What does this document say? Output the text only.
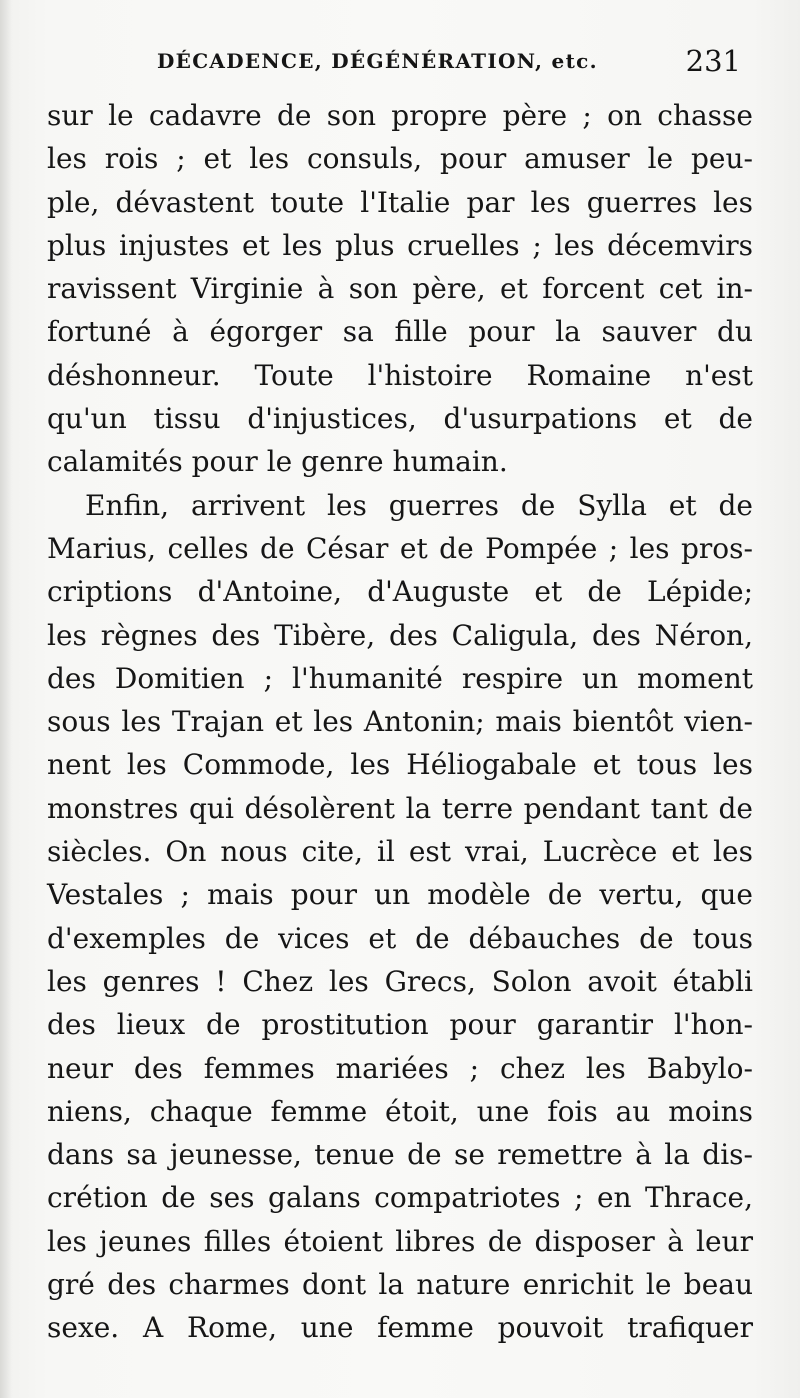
DÉCADENCE, DÉGÉNÉRATION, etc.	231
sur le cadavre de son propre père ; on chasse
les rois ; et les consuls, pour amuser le peu-
ple, dévastent toute l'Italie par les guerres les
plus injustes et les plus cruelles ; les décemvirs
ravissent Virginie à son père, et forcent cet in-
fortuné à égorger sa fille pour la sauver du
déshonneur. Toute l'histoire Romaine n'est
qu'un tissu d'injustices, d'usurpations et de
calamités pour le genre humain.
Enfin, arrivent les guerres de Sylla et de
Marius, celles de César et de Pompée ; les pros-
criptions d'Antoine, d'Auguste et de Lépide;
les règnes des Tibère, des Caligula, des Néron,
des Domitien ; l'humanité respire un moment
sous les Trajan et les Antonin; mais bientôt vien-
nent les Commode, les Héliogabale et tous les
monstres qui désolèrent la terre pendant tant de
siècles. On nous cite, il est vrai, Lucrèce et les
Vestales ; mais pour un modèle de vertu, que
d'exemples de vices et de débauches de tous
les genres ! Chez les Grecs, Solon avoit établi
des lieux de prostitution pour garantir l'hon-
neur des femmes mariées ; chez les Babylo-
niens, chaque femme étoit, une fois au moins
dans sa jeunesse, tenue de se remettre à la dis-
crétion de ses galans compatriotes ; en Thrace,
les jeunes filles étoient libres de disposer à leur
gré des charmes dont la nature enrichit le beau
sexe. A Rome, une femme pouvoit trafiquer
